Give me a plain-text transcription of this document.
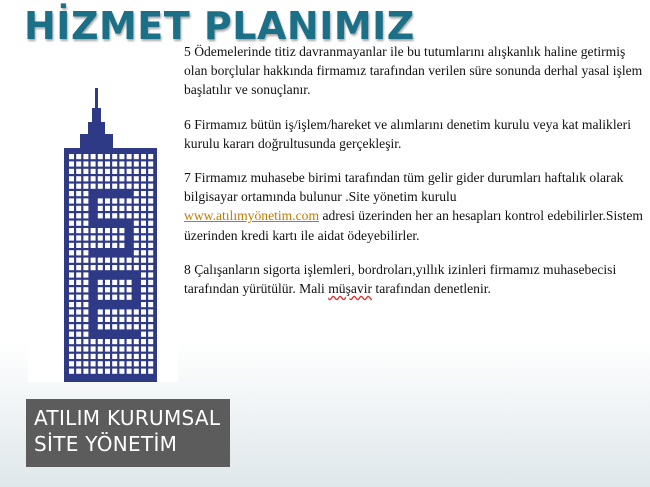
HİZMET PLANIMIZ

5 Ödemelerinde titiz davranmayanlar ile bu tutumlarını alışkanlık haline getirmiş olan borçlular hakkında firmamız tarafından verilen süre sonunda derhal yasal işlem başlatılır ve sonuçlanır.

6 Firmamız bütün iş/işlem/hareket ve alımlarını denetim kurulu veya kat malikleri kurulu kararı doğrultusunda gerçekleşir.

7 Firmamız muhasebe birimi tarafından tüm gelir gider durumları haftalık olarak bilgisayar ortamında bulunur .Site yönetim kurulu

www.atılımyönetim.com adresi üzerinden her an hesapları kontrol edebilirler.Sistem üzerinden kredi kartı ile aidat ödeyebilirler.

8 Çalışanların sigorta işlemleri, bordroları,yıllık izinleri firmamız muhasebecisi tarafından yürütülür. Mali müşavir tarafından denetlenir.

ATILIM KURUMSAL
SİTE YÖNETİM
